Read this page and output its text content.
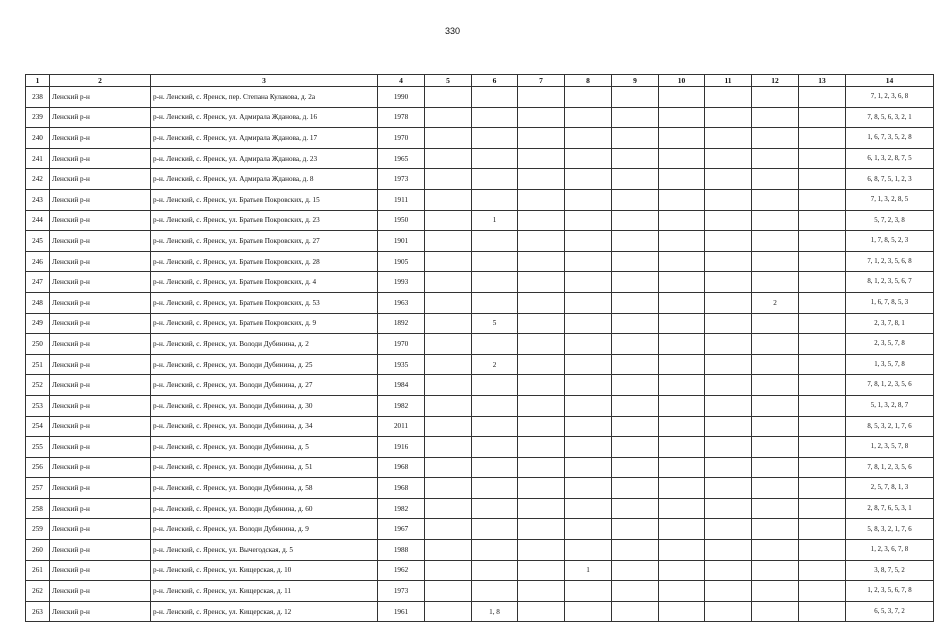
330
1	2	3	4	5	6	7	8	9	10	11	12	13	14
238	Ленский р-н	р-н. Ленский, с. Яренск, пер. Степана Кулакова, д. 2а	1990										7, 1, 2, 3, 6, 8
239	Ленский р-н	р-н. Ленский, с. Яренск, ул. Адмирала Жданова, д. 16	1978										7, 8, 5, 6, 3, 2, 1
240	Ленский р-н	р-н. Ленский, с. Яренск, ул. Адмирала Жданова, д. 17	1970										1, 6, 7, 3, 5, 2, 8
241	Ленский р-н	р-н. Ленский, с. Яренск, ул. Адмирала Жданова, д. 23	1965										6, 1, 3, 2, 8, 7, 5
242	Ленский р-н	р-н. Ленский, с. Яренск, ул. Адмирала Жданова, д. 8	1973										6, 8, 7, 5, 1, 2, 3
243	Ленский р-н	р-н. Ленский, с. Яренск, ул. Братьев Покровских, д. 15	1911										7, 1, 3, 2, 8, 5
244	Ленский р-н	р-н. Ленский, с. Яренск, ул. Братьев Покровских, д. 23	1950		1								5, 7, 2, 3, 8
245	Ленский р-н	р-н. Ленский, с. Яренск, ул. Братьев Покровских, д. 27	1901										1, 7, 8, 5, 2, 3
246	Ленский р-н	р-н. Ленский, с. Яренск, ул. Братьев Покровских, д. 28	1905										7, 1, 2, 3, 5, 6, 8
247	Ленский р-н	р-н. Ленский, с. Яренск, ул. Братьев Покровских, д. 4	1993										8, 1, 2, 3, 5, 6, 7
248	Ленский р-н	р-н. Ленский, с. Яренск, ул. Братьев Покровских, д. 53	1963								2		1, 6, 7, 8, 5, 3
249	Ленский р-н	р-н. Ленский, с. Яренск, ул. Братьев Покровских, д. 9	1892		5								2, 3, 7, 8, 1
250	Ленский р-н	р-н. Ленский, с. Яренск, ул. Володи Дубинина, д. 2	1970										2, 3, 5, 7, 8
251	Ленский р-н	р-н. Ленский, с. Яренск, ул. Володи Дубинина, д. 25	1935		2								1, 3, 5, 7, 8
252	Ленский р-н	р-н. Ленский, с. Яренск, ул. Володи Дубинина, д. 27	1984										7, 8, 1, 2, 3, 5, 6
253	Ленский р-н	р-н. Ленский, с. Яренск, ул. Володи Дубинина, д. 30	1982										5, 1, 3, 2, 8, 7
254	Ленский р-н	р-н. Ленский, с. Яренск, ул. Володи Дубинина, д. 34	2011										8, 5, 3, 2, 1, 7, 6
255	Ленский р-н	р-н. Ленский, с. Яренск, ул. Володи Дубинина, д. 5	1916										1, 2, 3, 5, 7, 8
256	Ленский р-н	р-н. Ленский, с. Яренск, ул. Володи Дубинина, д. 51	1968										7, 8, 1, 2, 3, 5, 6
257	Ленский р-н	р-н. Ленский, с. Яренск, ул. Володи Дубинина, д. 58	1968										2, 5, 7, 8, 1, 3
258	Ленский р-н	р-н. Ленский, с. Яренск, ул. Володи Дубинина, д. 60	1982										2, 8, 7, 6, 5, 3, 1
259	Ленский р-н	р-н. Ленский, с. Яренск, ул. Володи Дубинина, д. 9	1967										5, 8, 3, 2, 1, 7, 6
260	Ленский р-н	р-н. Ленский, с. Яренск, ул. Вычегодская, д. 5	1988										1, 2, 3, 6, 7, 8
261	Ленский р-н	р-н. Ленский, с. Яренск, ул. Кищерская, д. 10	1962				1						3, 8, 7, 5, 2
262	Ленский р-н	р-н. Ленский, с. Яренск, ул. Кищерская, д. 11	1973										1, 2, 3, 5, 6, 7, 8
263	Ленский р-н	р-н. Ленский, с. Яренск, ул. Кищерская, д. 12	1961		1, 8								6, 5, 3, 7, 2
